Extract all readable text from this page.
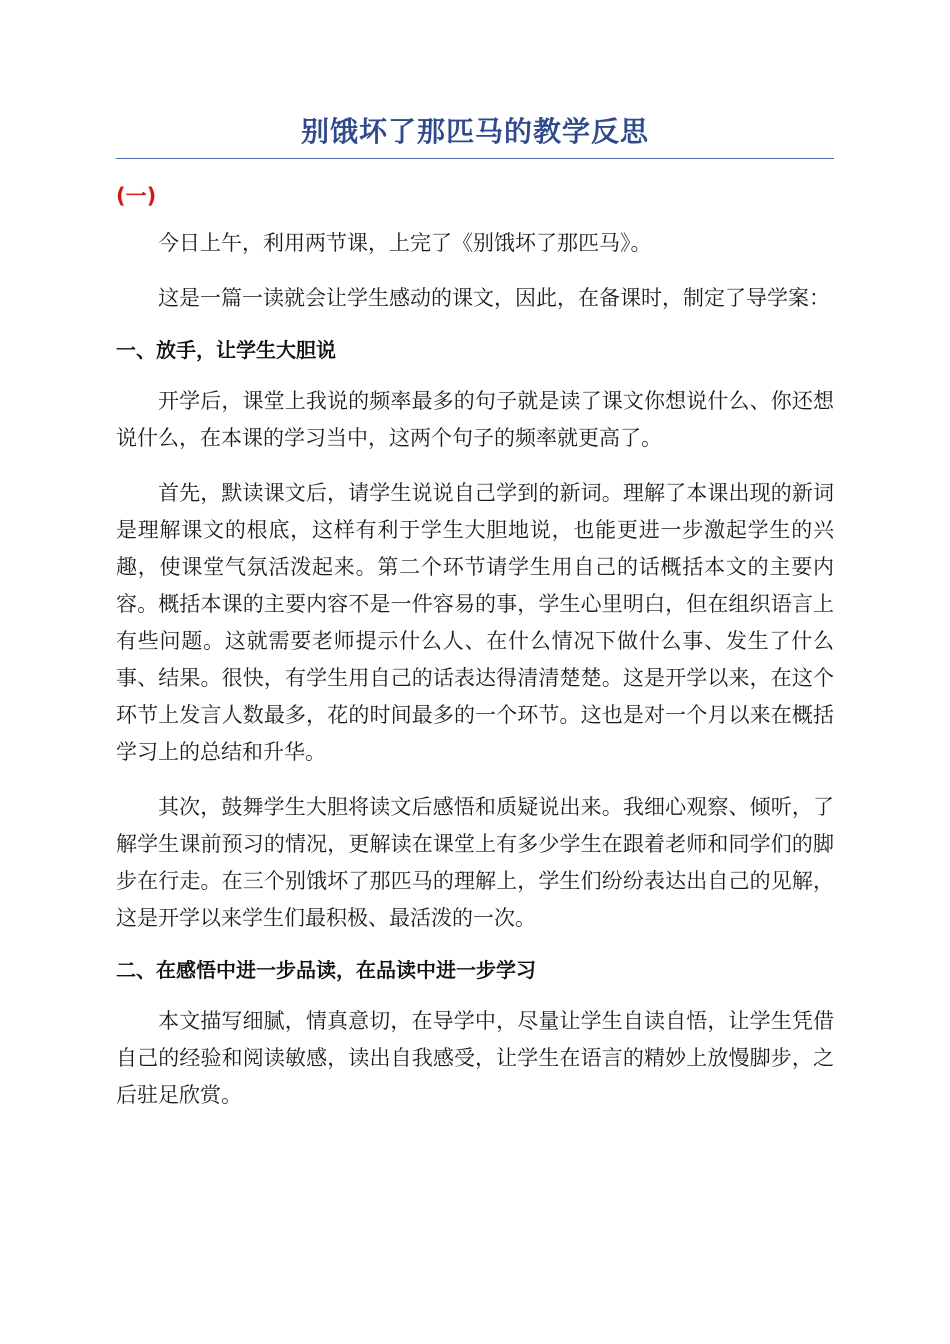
别饿坏了那匹马的教学反思
(一)

今日上午，利用两节课，上完了《别饿坏了那匹马》。

这是一篇一读就会让学生感动的课文，因此，在备课时，制定了导学案：

一、放手，让学生大胆说

开学后，课堂上我说的频率最多的句子就是读了课文你想说什么、你还想说什么，在本课的学习当中，这两个句子的频率就更高了。

首先，默读课文后，请学生说说自己学到的新词。理解了本课出现的新词是理解课文的根底，这样有利于学生大胆地说，也能更进一步激起学生的兴趣，使课堂气氛活泼起来。第二个环节请学生用自己的话概括本文的主要内容。概括本课的主要内容不是一件容易的事，学生心里明白，但在组织语言上有些问题。这就需要老师提示什么人、在什么情况下做什么事、发生了什么事、结果。很快，有学生用自己的话表达得清清楚楚。这是开学以来，在这个环节上发言人数最多，花的时间最多的一个环节。这也是对一个月以来在概括学习上的总结和升华。

其次，鼓舞学生大胆将读文后感悟和质疑说出来。我细心观察、倾听，了解学生课前预习的情况，更解读在课堂上有多少学生在跟着老师和同学们的脚步在行走。在三个别饿坏了那匹马的理解上，学生们纷纷表达出自己的见解，这是开学以来学生们最积极、最活泼的一次。

二、在感悟中进一步品读，在品读中进一步学习

本文描写细腻，情真意切，在导学中，尽量让学生自读自悟，让学生凭借自己的经验和阅读敏感，读出自我感受，让学生在语言的精妙上放慢脚步，之后驻足欣赏。
